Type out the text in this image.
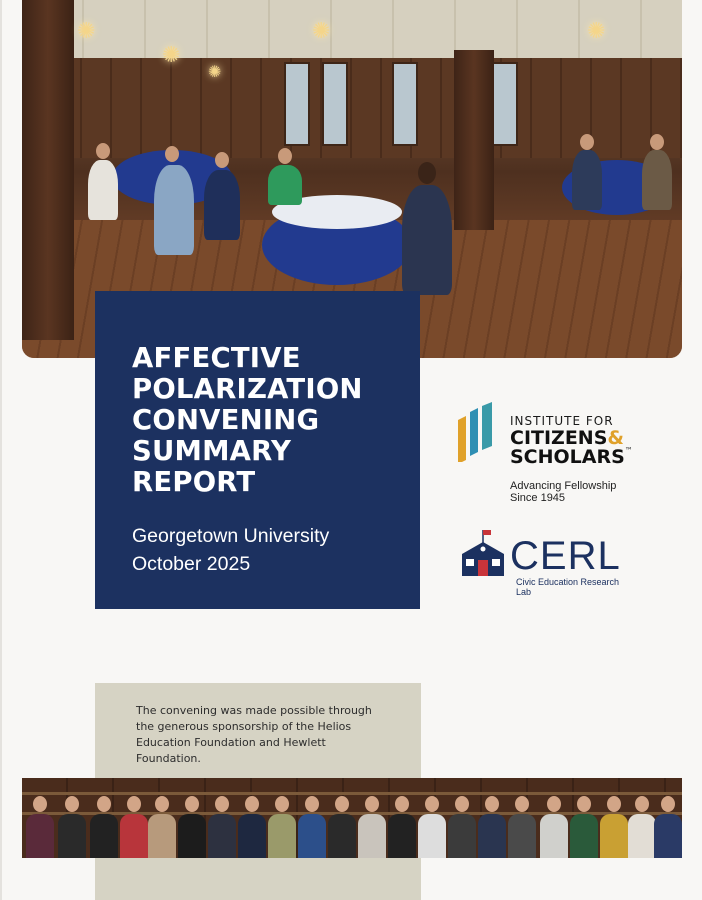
✺
✺
✺	✺
✺
AFFECTIVE
POLARIZATION
CONVENING
SUMMARY
REPORT
Georgetown University
October 2025
INSTITUTE FOR
CITIZENS&
SCHOLARS™
Advancing Fellowship Since 1945
CERL
Civic Education Research Lab
The convening was made possible through the generous sponsorship of the Helios Education Foundation and Hewlett Foundation.
